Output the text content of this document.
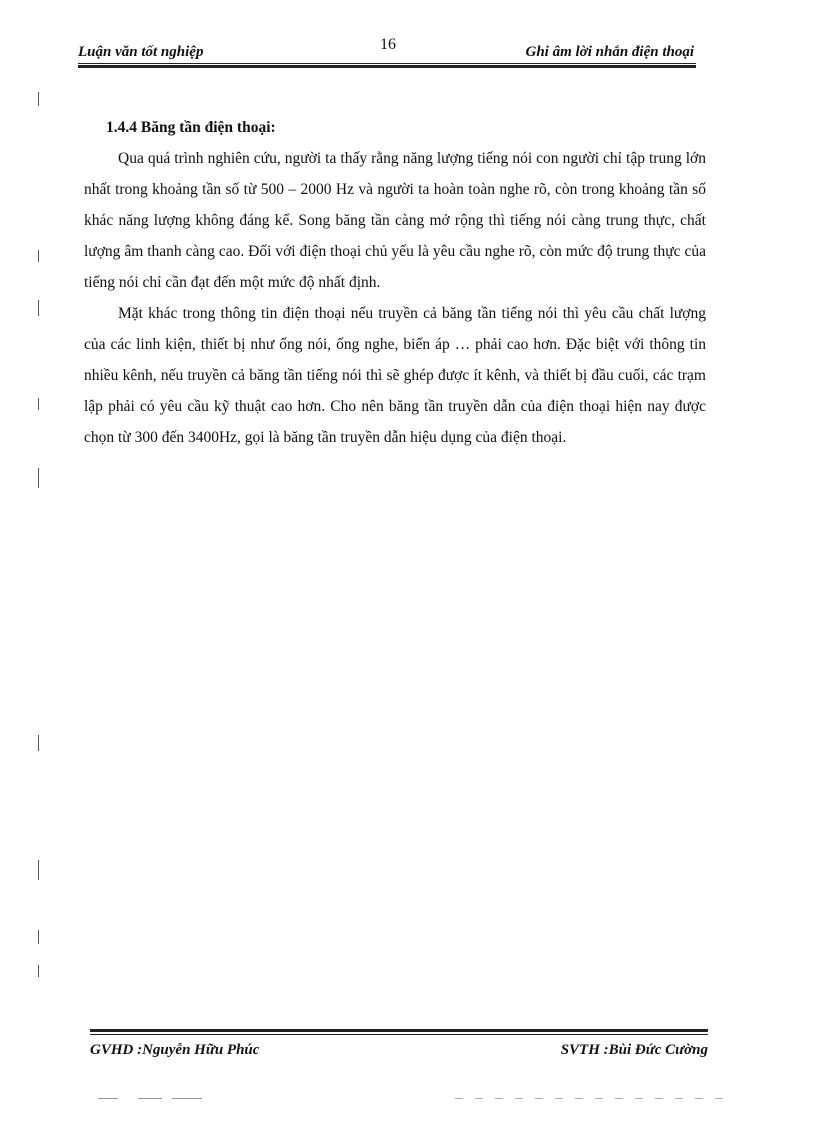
Luận văn tốt nghiệp	16	Ghi âm lời nhắn điện thoại

1.4.4 Băng tần điện thoại:

Qua quá trình nghiên cứu, người ta thấy rằng năng lượng tiếng nói con người chỉ tập trung lớn nhất trong khoảng tần số từ 500 – 2000 Hz và người ta hoàn toàn nghe rõ, còn trong khoảng tần số khác năng lượng không đáng kể. Song băng tần càng mở rộng thì tiếng nói càng trung thực, chất lượng âm thanh càng cao. Đối với điện thoại chủ yếu là yêu cầu nghe rõ, còn mức độ trung thực của tiếng nói chỉ cần đạt đến một mức độ nhất định.

Mặt khác trong thông tin điện thoại nếu truyền cả băng tần tiếng nói thì yêu cầu chất lượng của các linh kiện, thiết bị như ống nói, ống nghe, biến áp … phải cao hơn. Đặc biệt với thông tin nhiều kênh, nếu truyền cả băng tần tiếng nói thì sẽ ghép được ít kênh, và thiết bị đầu cuối, các trạm lập phải có yêu cầu kỹ thuật cao hơn. Cho nên băng tần truyền dẫn của điện thoại hiện nay được chọn từ 300 đến 3400Hz, gọi là băng tần truyền dẫn hiệu dụng của điện thoại.

GVHD :Nguyễn Hữu Phúc	SVTH :Bùi Đức Cường
